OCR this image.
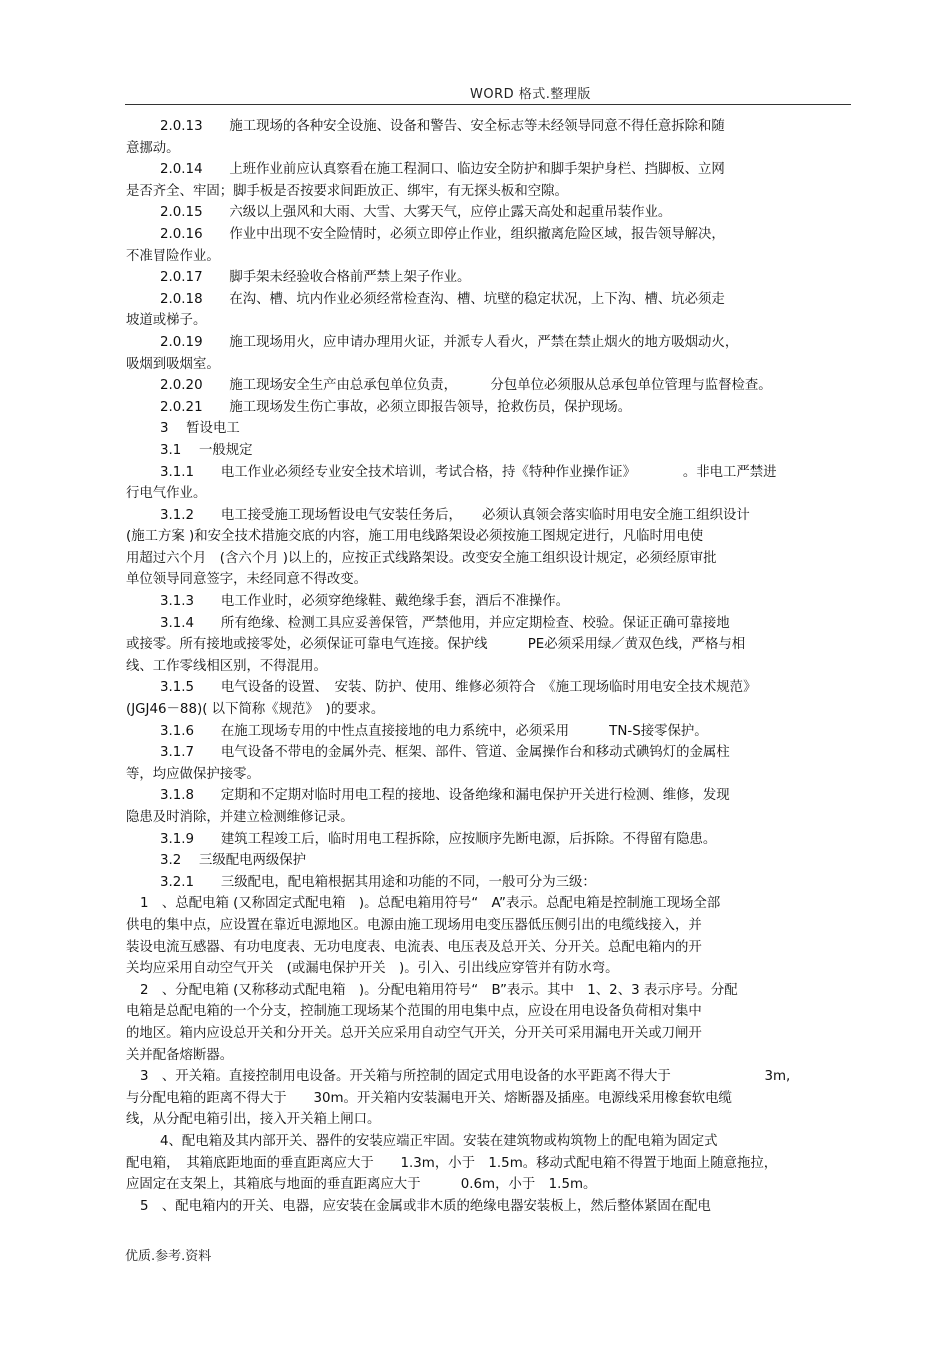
WORD 格式.整理版
2.0.13　　施工现场的各种安全设施、设备和警告、安全标志等未经领导同意不得任意拆除和随
意挪动。
2.0.14　　上班作业前应认真察看在施工程洞口、临边安全防护和脚手架护身栏、挡脚板、立网
是否齐全、牢固；脚手板是否按要求间距放正、绑牢，有无探头板和空隙。
2.0.15　　六级以上强风和大雨、大雪、大雾天气，应停止露天高处和起重吊装作业。
2.0.16　　作业中出现不安全险情时，必须立即停止作业，组织撤离危险区域，报告领导解决，
不准冒险作业。
2.0.17　　脚手架未经验收合格前严禁上架子作业。
2.0.18　　在沟、槽、坑内作业必须经常检查沟、槽、坑壁的稳定状况，上下沟、槽、坑必须走
坡道或梯子。
2.0.19　　施工现场用火，应申请办理用火证，并派专人看火，严禁在禁止烟火的地方吸烟动火，
吸烟到吸烟室。
2.0.20　　施工现场安全生产由总承包单位负责，　　　分包单位必须服从总承包单位管理与监督检查。
2.0.21　　施工现场发生伤亡事故，必须立即报告领导，抢救伤员，保护现场。
3　 暂设电工
3.1　 一般规定
3.1.1　　电工作业必须经专业安全技术培训，考试合格，持《特种作业操作证》　　　　。非电工严禁进
行电气作业。
3.1.2　　电工接受施工现场暂设电气安装任务后，　　必须认真领会落实临时用电安全施工组织设计
(施工方案 )和安全技术措施交底的内容，施工用电线路架设必须按施工图规定进行，凡临时用电使
用超过六个月　(含六个月 )以上的，应按正式线路架设。改变安全施工组织设计规定，必须经原审批
单位领导同意签字，未经同意不得改变。
3.1.3　　电工作业时，必须穿绝缘鞋、戴绝缘手套，酒后不准操作。
3.1.4　　所有绝缘、检测工具应妥善保管，严禁他用，并应定期检查、校验。保证正确可靠接地
或接零。所有接地或接零处，必须保证可靠电气连接。保护线　　　PE必须采用绿／黄双色线，严格与相
线、工作零线相区别，不得混用。
3.1.5　　电气设备的设置、　安装、防护、使用、维修必须符合　《施工现场临时用电安全技术规范》
(JGJ46－88)( 以下简称《规范》　)的要求。
3.1.6　　在施工现场专用的中性点直接接地的电力系统中，必须采用　　　TN-S接零保护。
3.1.7　　电气设备不带电的金属外壳、框架、部件、管道、金属操作台和移动式碘钨灯的金属柱
等，均应做保护接零。
3.1.8　　定期和不定期对临时用电工程的接地、设备绝缘和漏电保护开关进行检测、维修，发现
隐患及时消除，并建立检测维修记录。
3.1.9　　建筑工程竣工后，临时用电工程拆除，应按顺序先断电源，后拆除。不得留有隐患。
3.2　 三级配电两级保护
3.2.1　　三级配电，配电箱根据其用途和功能的不同，一般可分为三级：
1　、总配电箱 (又称固定式配电箱　)。总配电箱用符号“　A”表示。总配电箱是控制施工现场全部
供电的集中点，应设置在靠近电源地区。电源由施工现场用电变压器低压侧引出的电缆线接入，并
装设电流互感器、有功电度表、无功电度表、电流表、电压表及总开关、分开关。总配电箱内的开
关均应采用自动空气开关　(或漏电保护开关　)。引入、引出线应穿管并有防水弯。
2　、分配电箱 (又称移动式配电箱　)。分配电箱用符号“　B”表示。其中　1、2、3 表示序号。分配
电箱是总配电箱的一个分支，控制施工现场某个范围的用电集中点，应设在用电设备负荷相对集中
的地区。箱内应设总开关和分开关。总开关应采用自动空气开关，分开关可采用漏电开关或刀闸开
关并配备熔断器。
3　、开关箱。直接控制用电设备。开关箱与所控制的固定式用电设备的水平距离不得大于　　　　　　　3m,
与分配电箱的距离不得大于　　30m。开关箱内安装漏电开关、熔断器及插座。电源线采用橡套软电缆
线，从分配电箱引出，接入开关箱上闸口。
4、配电箱及其内部开关、器件的安装应端正牢固。安装在建筑物或构筑物上的配电箱为固定式
配电箱，　其箱底距地面的垂直距离应大于　　1.3m，小于　1.5m。移动式配电箱不得置于地面上随意拖拉，
应固定在支架上，其箱底与地面的垂直距离应大于　　　0.6m，小于　1.5m。
5　、配电箱内的开关、电器，应安装在金属或非木质的绝缘电器安装板上，然后整体紧固在配电
优质.参考.资料
